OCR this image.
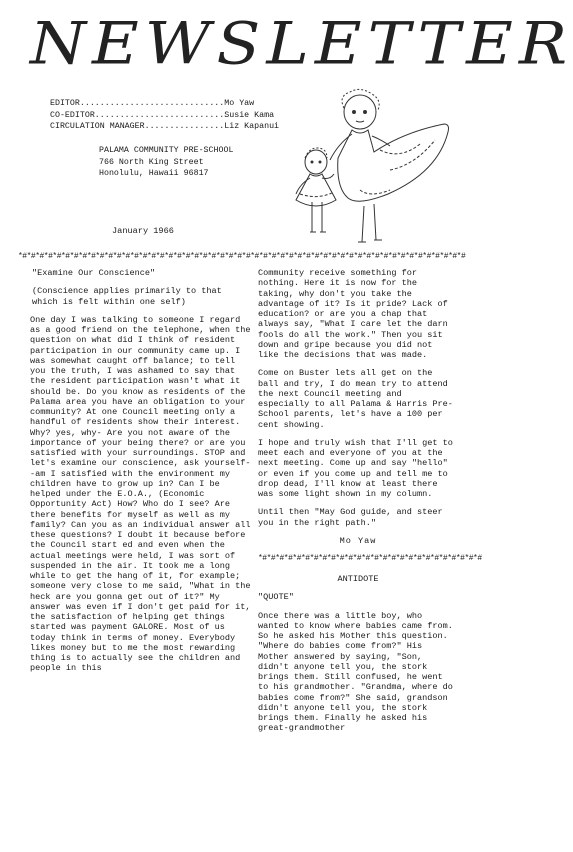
NEWSLETTER
EDITOR.............................Mo Yaw
CO-EDITOR..........................Susie Kama
CIRCULATION MANAGER................Liz Kapanui
PALAMA COMMUNITY PRE-SCHOOL
766 North King Street
Honolulu, Hawaii 96817
January 1966
*#*#*#*#*#*#*#*#*#*#*#*#*#*#*#*#*#*#*#*#*#*#*#*#*#*#*#*#*#*#*#*#*#*#*#*#*#*#*#*#*#*#*#*#*#*#*#*#*#*#*#*#

"Examine Our Conscience"

(Conscience applies primarily to that which is felt within one self)

One day I was talking to someone I regard as a good friend on the telephone, when the question on what did I think of resident participation in our community came up. I was somewhat caught off balance; to tell you the truth, I was ashamed to say that the resident participation wasn't what it should be. Do you know as residents of the Palama area you have an obligation to your community? At one Council meeting only a handful of residents show their interest. Why? yes, why- Are you not aware of the importance of your being there? or are you satisfied with your surroundings. STOP and let's examine our conscience, ask yourself--am I satisfied with the environment my children have to grow up in? Can I be helped under the E.O.A., (Economic Opportunity Act) How? Who do I see? Are there benefits for myself as well as my family? Can you as an individual answer all these questions? I doubt it because before the Council start ed and even when the actual meetings were held, I was sort of suspended in the air. It took me a long while to get the hang of it, for example; someone very close to me said, "What in the heck are you gonna get out of it?" My answer was even if I don't get paid for it, the satisfaction of helping get things started was payment GALORE. Most of us today think in terms of money. Everybody likes money but to me the most rewarding thing is to actually see the children and people in this

Community receive something for nothing. Here it is now for the taking, why don't you take the advantage of it? Is it pride? Lack of education? or are you a chap that always say, "What I care let the darn fools do all the work." Then you sit down and gripe because you did not like the decisions that was made.

Come on Buster lets all get on the ball and try, I do mean try to attend the next Council meeting and especially to all Palama & Harris Pre-School parents, let's have a 100 per cent showing.

I hope and truly wish that I'll get to meet each and everyone of you at the next meeting. Come up and say "hello" or even if you come up and tell me to drop dead, I'll know at least there was some light shown in my column.

Until then "May God guide, and steer you in the right path."

Mo Yaw

*#*#*#*#*#*#*#*#*#*#*#*#*#*#*#*#*#*#*#*#*#*#*#*#*#*#

ANTIDOTE

"QUOTE"

Once there was a little boy, who wanted to know where babies came from. So he asked his Mother this question. "Where do babies come from?" His Mother answered by saying, "Son, didn't anyone tell you, the stork brings them. Still confused, he went to his grandmother. "Grandma, where do babies come from?" She said, grandson didn't anyone tell you, the stork brings them. Finally he asked his great-grandmother
